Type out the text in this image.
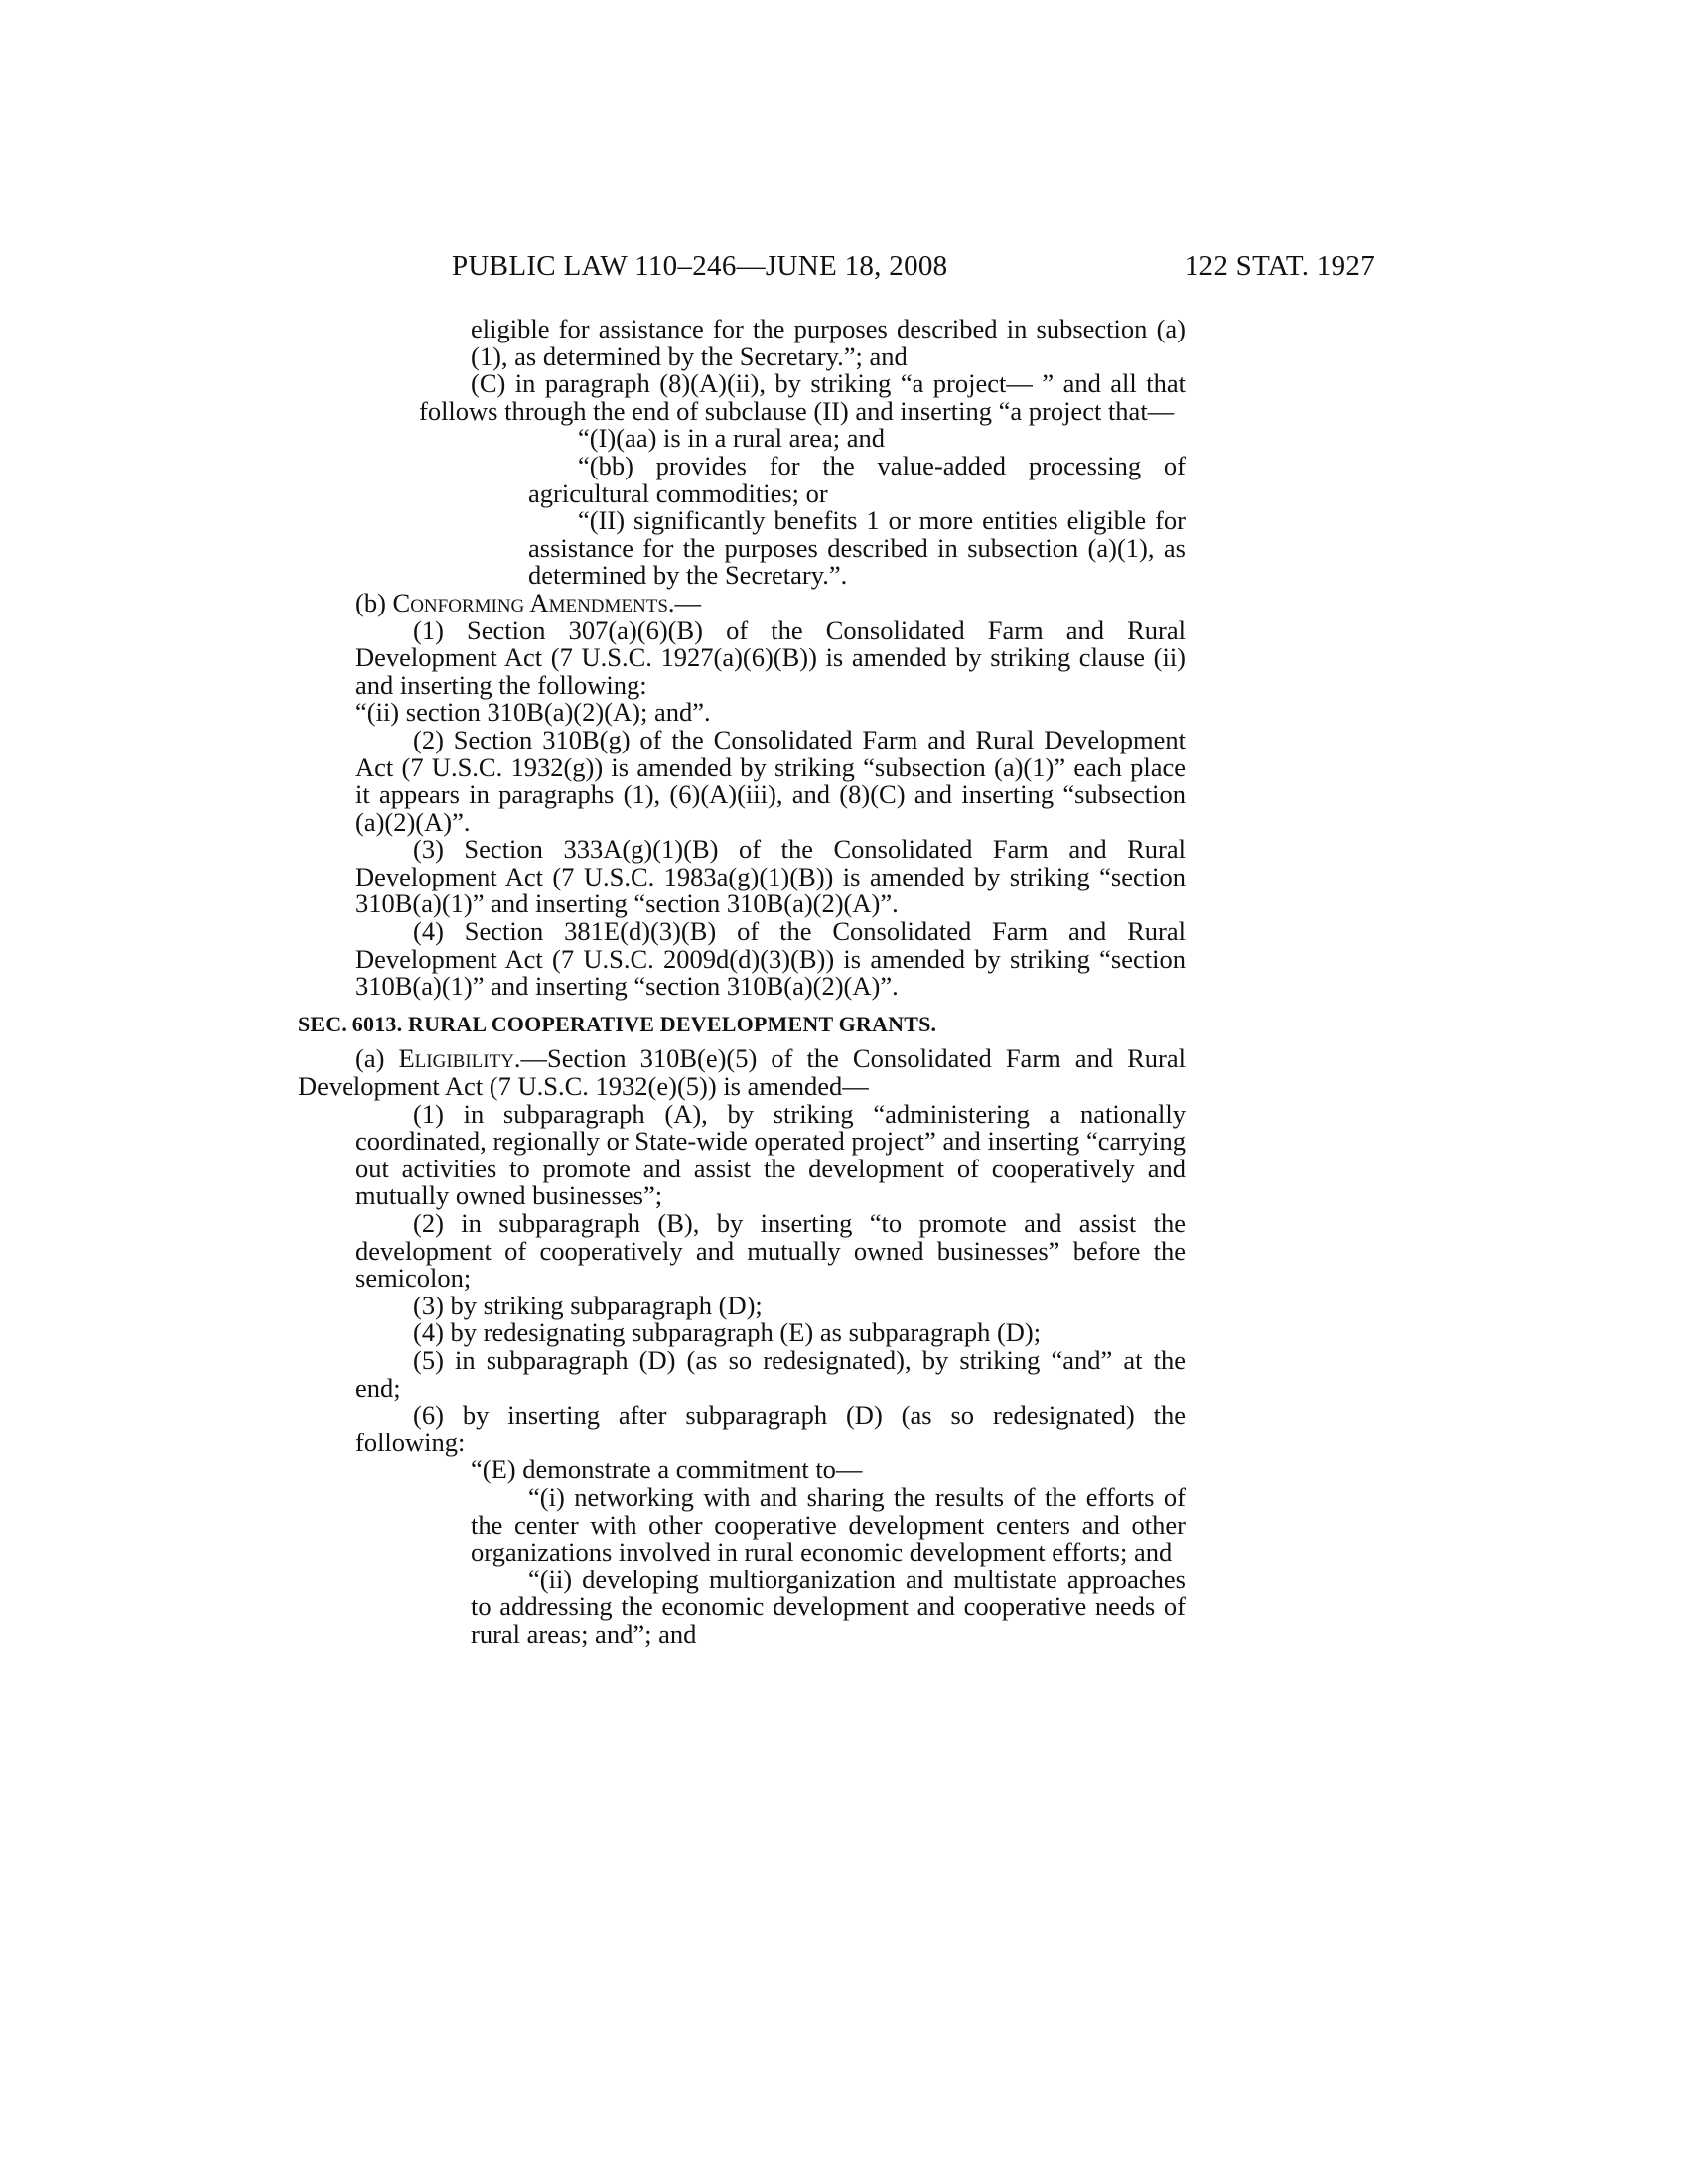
PUBLIC LAW 110–246—JUNE 18, 2008	122 STAT. 1927

eligible for assistance for the purposes described in subsection (a)(1), as determined by the Secretary.”; and

(C) in paragraph (8)(A)(ii), by striking “a project— ” and all that follows through the end of subclause (II) and inserting “a project that—

“(I)(aa) is in a rural area; and

“(bb) provides for the value-added processing of agricultural commodities; or

“(II) significantly benefits 1 or more entities eligible for assistance for the purposes described in subsection (a)(1), as determined by the Secretary.”.

(b) Conforming Amendments.—

(1) Section 307(a)(6)(B) of the Consolidated Farm and Rural Development Act (7 U.S.C. 1927(a)(6)(B)) is amended by striking clause (ii) and inserting the following:

“(ii) section 310B(a)(2)(A); and”.

(2) Section 310B(g) of the Consolidated Farm and Rural Development Act (7 U.S.C. 1932(g)) is amended by striking “subsection (a)(1)” each place it appears in paragraphs (1), (6)(A)(iii), and (8)(C) and inserting “subsection (a)(2)(A)”.

(3) Section 333A(g)(1)(B) of the Consolidated Farm and Rural Development Act (7 U.S.C. 1983a(g)(1)(B)) is amended by striking “section 310B(a)(1)” and inserting “section 310B(a)(2)(A)”.

(4) Section 381E(d)(3)(B) of the Consolidated Farm and Rural Development Act (7 U.S.C. 2009d(d)(3)(B)) is amended by striking “section 310B(a)(1)” and inserting “section 310B(a)(2)(A)”.

SEC. 6013. RURAL COOPERATIVE DEVELOPMENT GRANTS.

(a) Eligibility.—Section 310B(e)(5) of the Consolidated Farm and Rural Development Act (7 U.S.C. 1932(e)(5)) is amended—

(1) in subparagraph (A), by striking “administering a nationally coordinated, regionally or State-wide operated project” and inserting “carrying out activities to promote and assist the development of cooperatively and mutually owned businesses”;

(2) in subparagraph (B), by inserting “to promote and assist the development of cooperatively and mutually owned businesses” before the semicolon;

(3) by striking subparagraph (D);

(4) by redesignating subparagraph (E) as subparagraph (D);

(5) in subparagraph (D) (as so redesignated), by striking “and” at the end;

(6) by inserting after subparagraph (D) (as so redesignated) the following:

“(E) demonstrate a commitment to—

“(i) networking with and sharing the results of the efforts of the center with other cooperative development centers and other organizations involved in rural economic development efforts; and

“(ii) developing multiorganization and multistate approaches to addressing the economic development and cooperative needs of rural areas; and”; and
